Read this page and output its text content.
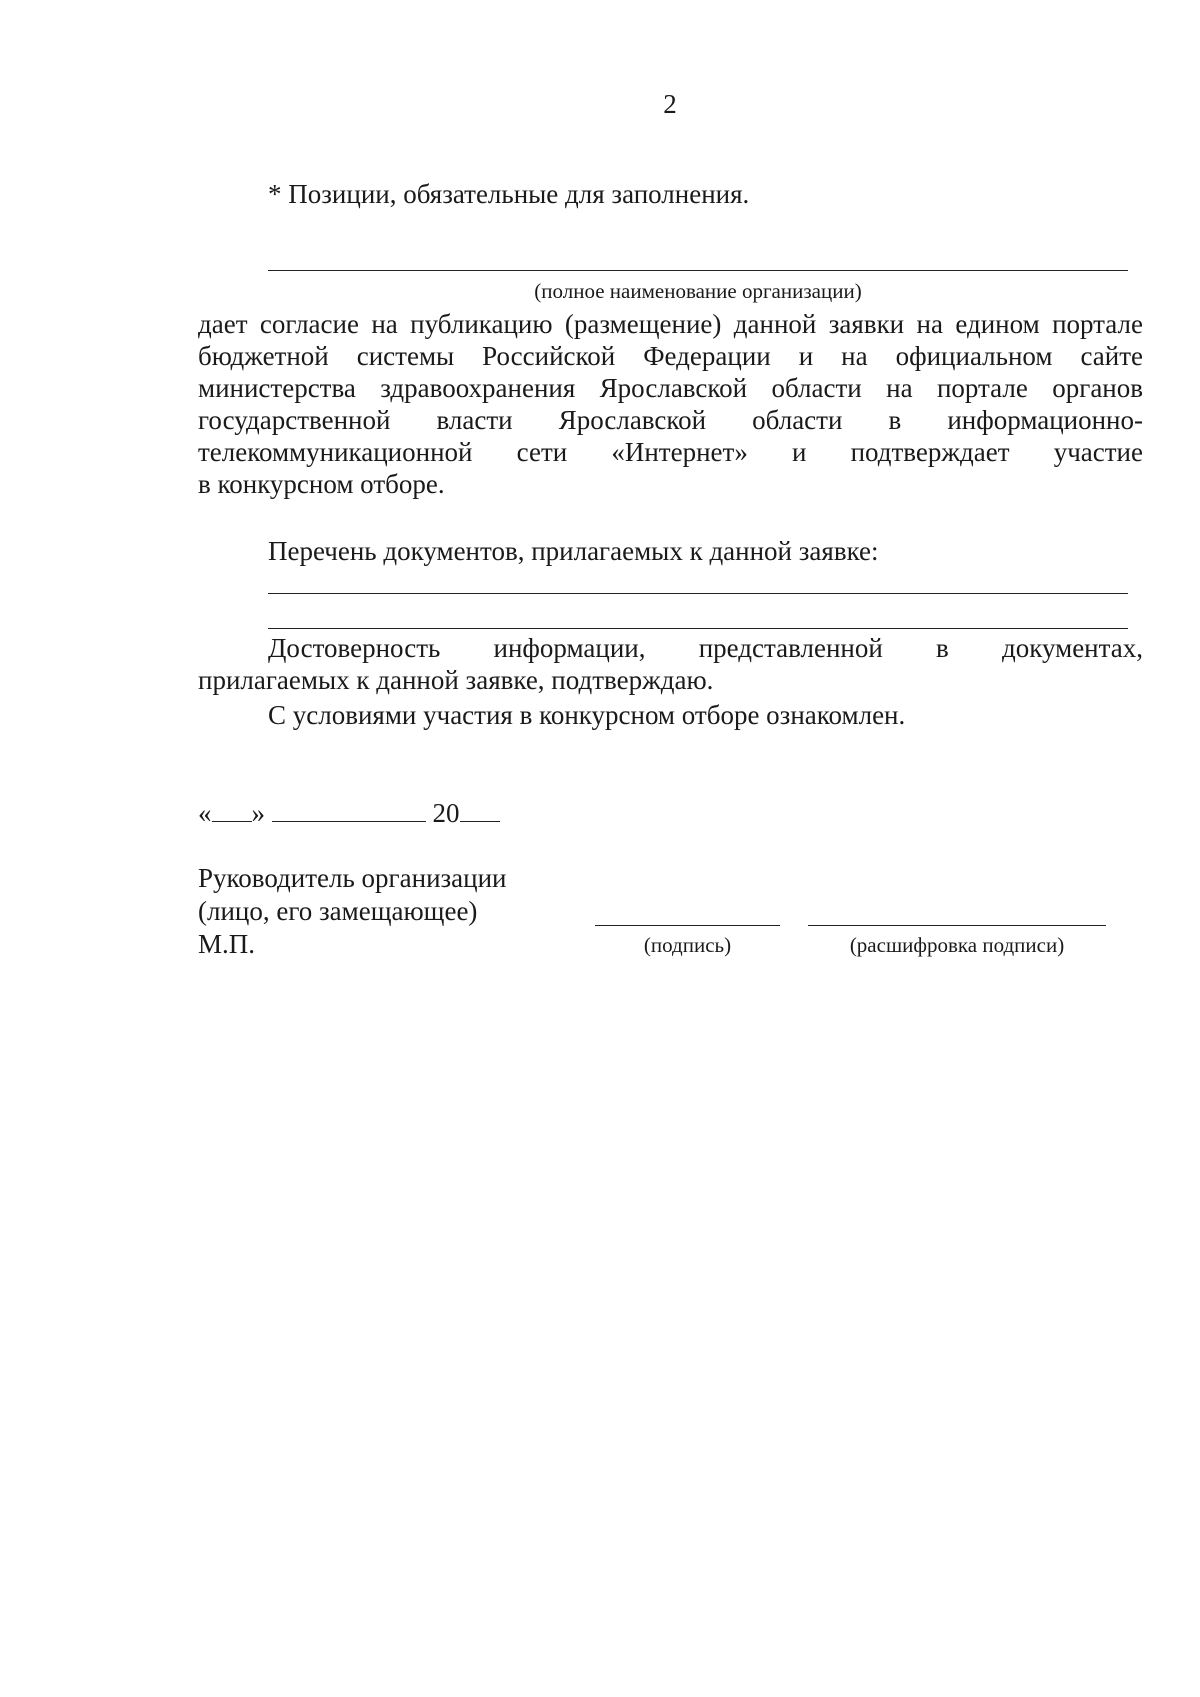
2
* Позиции, обязательные для заполнения.
(полное наименование организации)
дает согласие на публикацию (размещение) данной заявки на едином портале
бюджетной системы Российской Федерации и на официальном сайте
министерства здравоохранения Ярославской области на портале органов
государственной власти Ярославской области в информационно-
телекоммуникационной сети «Интернет» и подтверждает участие
в конкурсном отборе.
Перечень документов, прилагаемых к данной заявке:
Достоверность информации, представленной в документах,
прилагаемых к данной заявке, подтверждаю.
С условиями участия в конкурсном отборе ознакомлен.
« »	20
Руководитель организации
(лицо, его замещающее)
М.П.	(подпись)	(расшифровка подписи)
